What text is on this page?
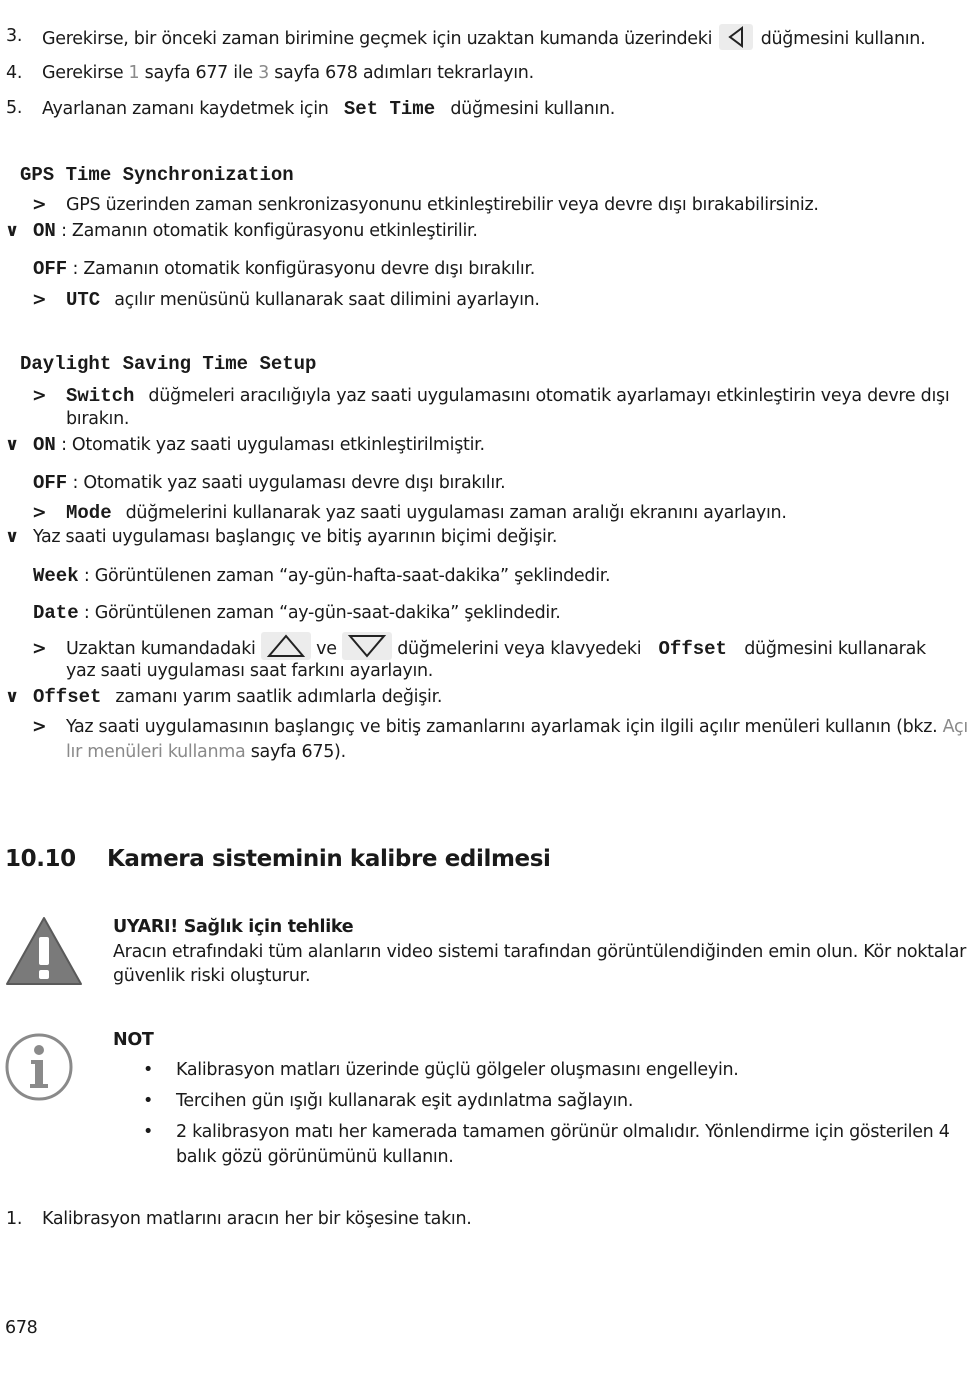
3. Gerekirse, bir önceki zaman birimine geçmek için uzaktan kumanda üzerindeki	düğmesini kullanın.
4. Gerekirse 1 sayfa 677 ile 3 sayfa 678 adımları tekrarlayın.
5. Ayarlanan zamanı kaydetmek için Set Time düğmesini kullanın.
GPS Time Synchronization
> GPS üzerinden zaman senkronizasyonunu etkinleştirebilir veya devre dışı bırakabilirsiniz.
∨ ON : Zamanın otomatik konfigürasyonu etkinleştirilir.
OFF : Zamanın otomatik konfigürasyonu devre dışı bırakılır.
> UTC açılır menüsünü kullanarak saat dilimini ayarlayın.
Daylight Saving Time Setup
> Switch düğmeleri aracılığıyla yaz saati uygulamasını otomatik ayarlamayı etkinleştirin veya devre dışı
bırakın.
∨ ON : Otomatik yaz saati uygulaması etkinleştirilmiştir.
OFF : Otomatik yaz saati uygulaması devre dışı bırakılır.
> Mode düğmelerini kullanarak yaz saati uygulaması zaman aralığı ekranını ayarlayın.
∨ Yaz saati uygulaması başlangıç ve bitiş ayarının biçimi değişir.
Week : Görüntülenen zaman “ay-gün-hafta-saat-dakika” şeklindedir.
Date : Görüntülenen zaman “ay-gün-saat-dakika” şeklindedir.
> Uzaktan kumandadaki	ve	düğmelerini veya klavyedeki Offset düğmesini kullanarak
yaz saati uygulaması saat farkını ayarlayın.
∨ Offset zamanı yarım saatlik adımlarla değişir.
> Yaz saati uygulamasının başlangıç ve bitiş zamanlarını ayarlamak için ilgili açılır menüleri kullanın (bkz. Açı
lır menüleri kullanma sayfa 675).
10.10 Kamera sisteminin kalibre edilmesi
UYARI! Sağlık için tehlike
Aracın etrafındaki tüm alanların video sistemi tarafından görüntülendiğinden emin olun. Kör noktalar
güvenlik riski oluşturur.
NOT
• Kalibrasyon matları üzerinde güçlü gölgeler oluşmasını engelleyin.
• Tercihen gün ışığı kullanarak eşit aydınlatma sağlayın.
• 2 kalibrasyon matı her kamerada tamamen görünür olmalıdır. Yönlendirme için gösterilen 4
balık gözü görünümünü kullanın.
1. Kalibrasyon matlarını aracın her bir köşesine takın.
678
